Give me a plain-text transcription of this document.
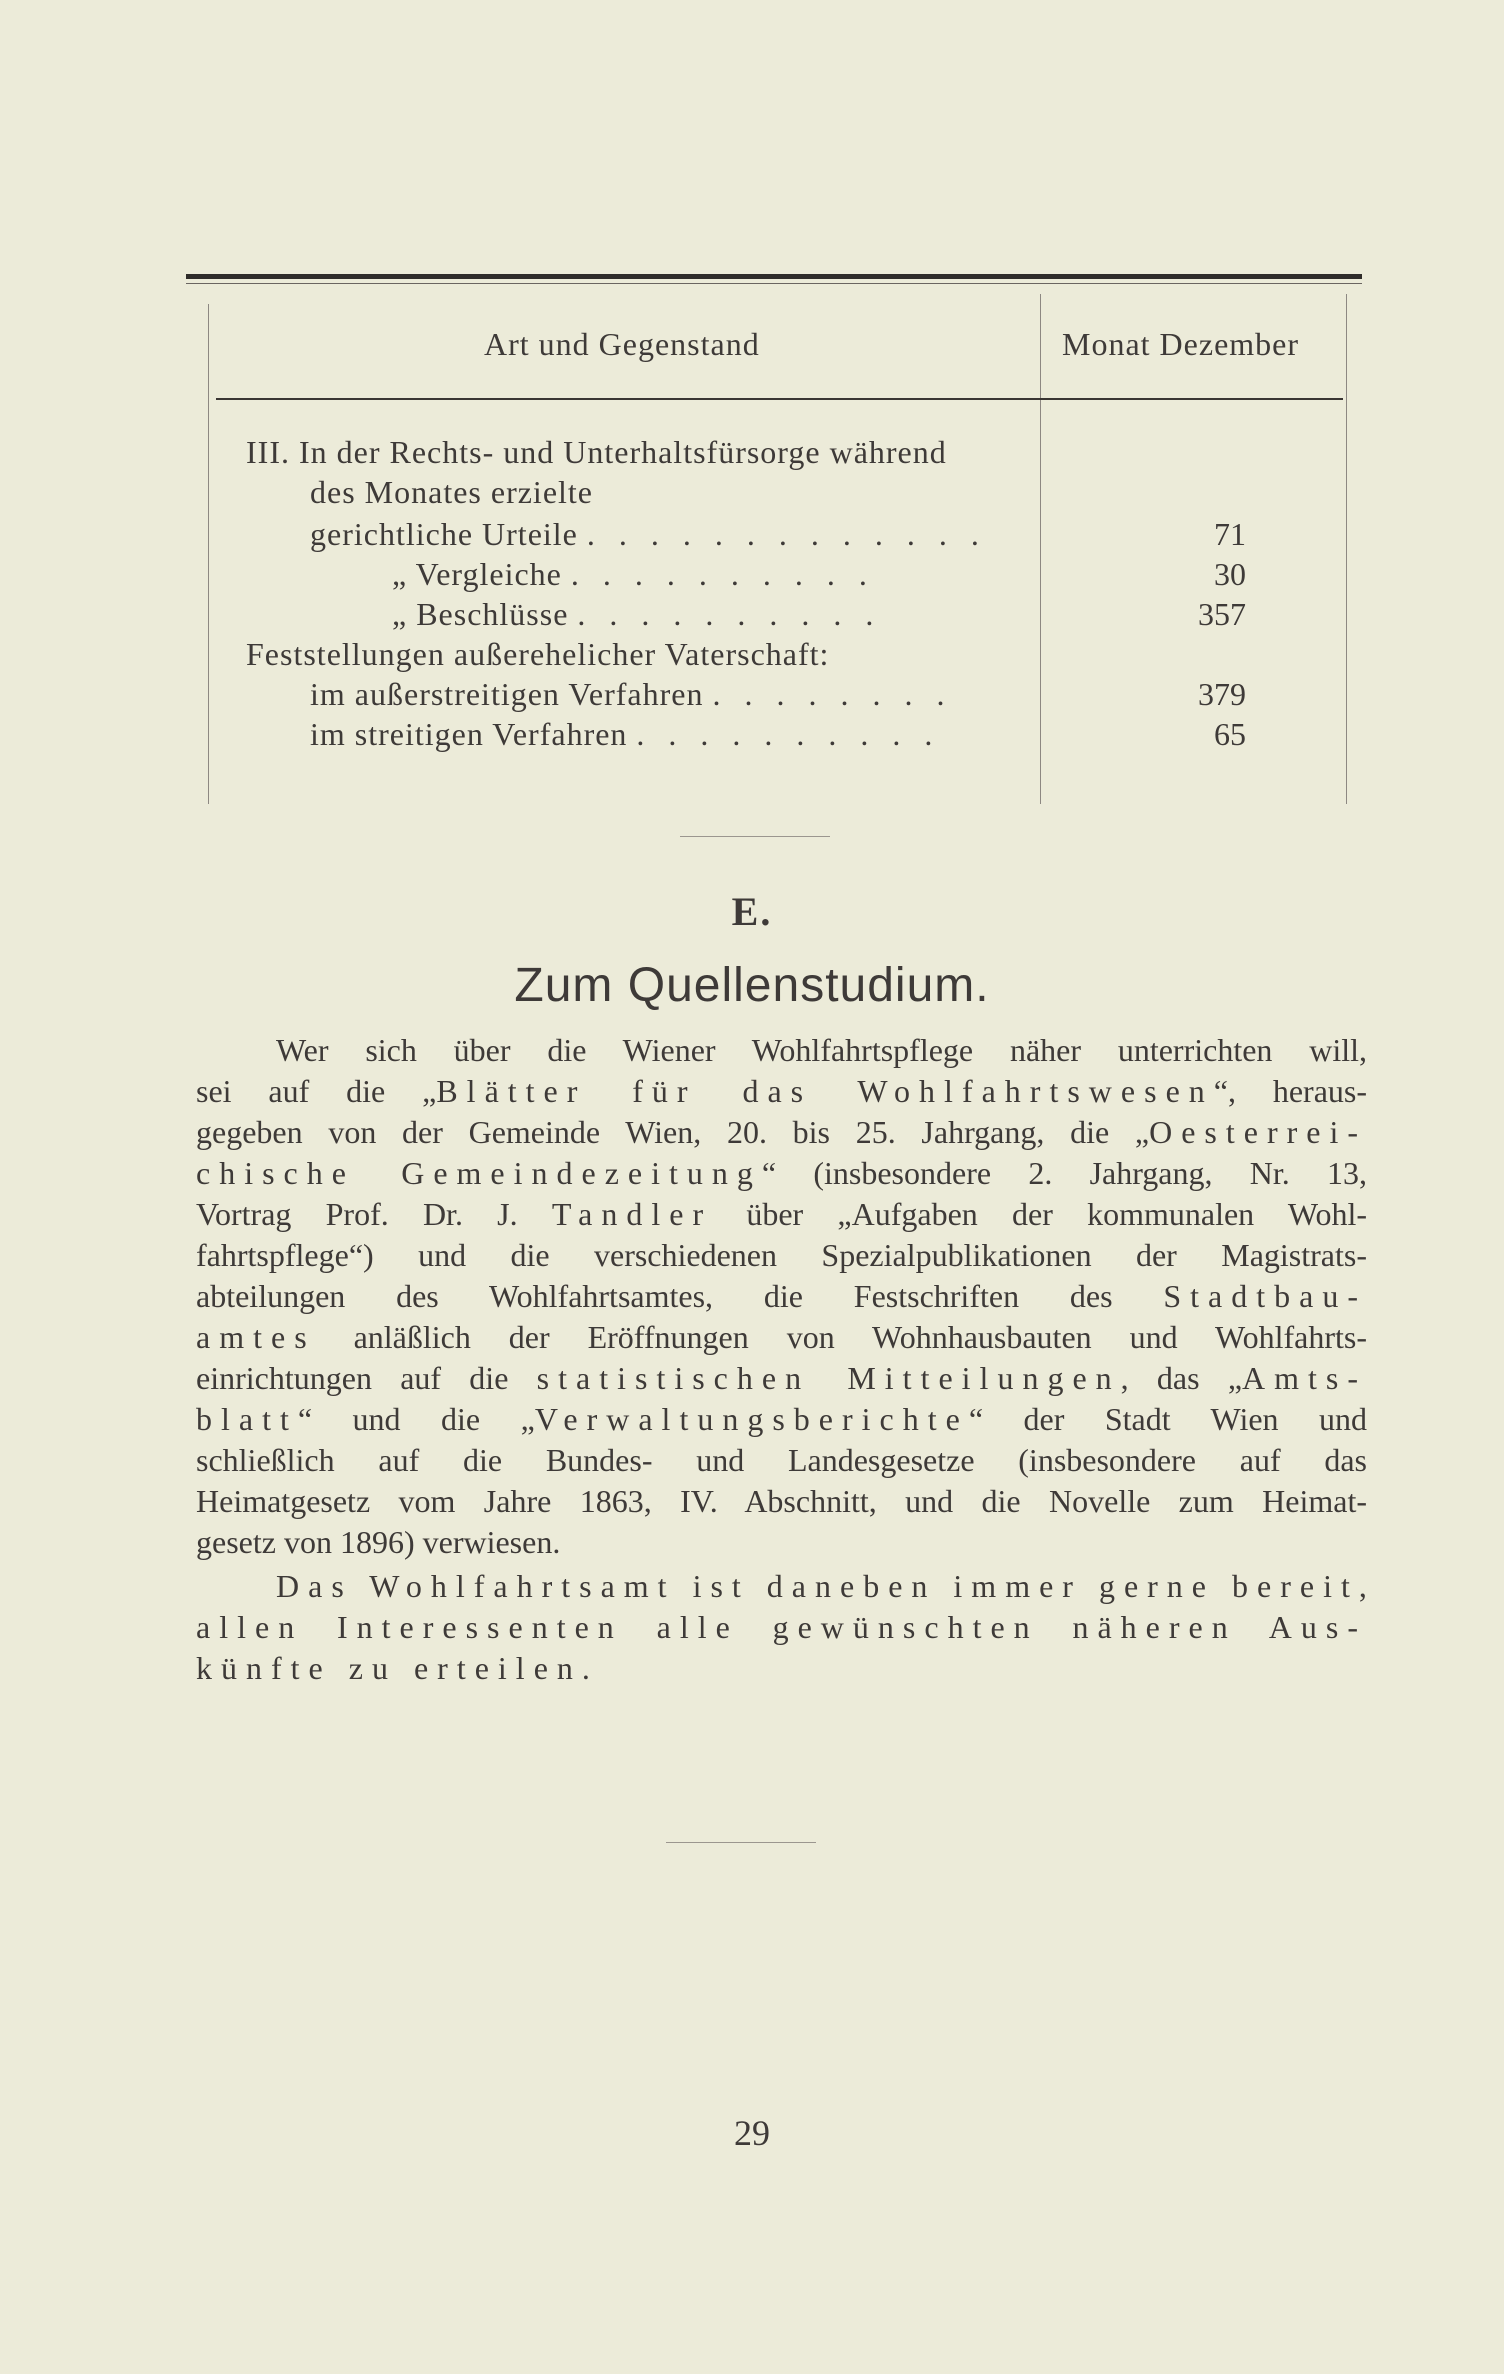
Art und Gegenstand	Monat Dezember
III. In der Rechts- und Unterhaltsfürsorge während
des Monates erzielte
gerichtliche Urteile . . . . . . . . . . . . .	71
„ Vergleiche . . . . . . . . . .	30
„ Beschlüsse . . . . . . . . . .	357
Feststellungen außerehelicher Vaterschaft:
im außerstreitigen Verfahren . . . . . . . .	379
im streitigen Verfahren . . . . . . . . . .	65
E.
Zum Quellenstudium.
Wer sich über die Wiener Wohlfahrtspflege näher unterrichten will,
sei auf die „Blätter für das Wohlfahrtswesen“, heraus-
gegeben von der Gemeinde Wien, 20. bis 25. Jahrgang, die „Oesterrei-
chische Gemeindezeitung“ (insbesondere 2. Jahrgang, Nr. 13,
Vortrag Prof. Dr. J. Tandler über „Aufgaben der kommunalen Wohl-
fahrtspflege“) und die verschiedenen Spezialpublikationen der Magistrats-
abteilungen des Wohlfahrtsamtes, die Festschriften des Stadtbau-
amtes anläßlich der Eröffnungen von Wohnhausbauten und Wohlfahrts-
einrichtungen auf die statistischen Mitteilungen, das „Amts-
blatt“ und die „Verwaltungsberichte“ der Stadt Wien und
schließlich auf die Bundes- und Landesgesetze (insbesondere auf das
Heimatgesetz vom Jahre 1863, IV. Abschnitt, und die Novelle zum Heimat-
gesetz von 1896) verwiesen.
Das Wohlfahrtsamt ist daneben immer gerne bereit,
allen Interessenten alle gewünschten näheren Aus-
künfte zu erteilen.
29
